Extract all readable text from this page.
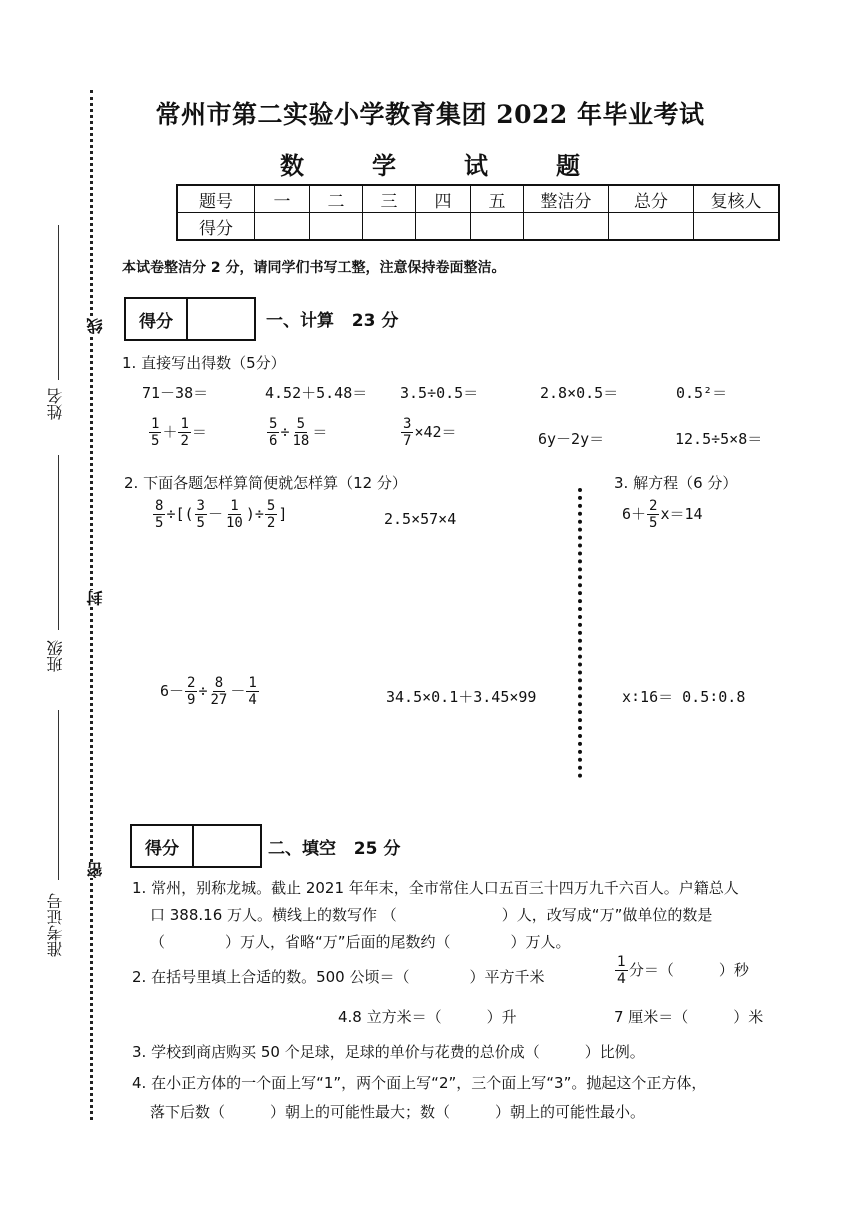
姓名
班级
准考证号
线
封
密
常州市第二实验小学教育集团 2022 年毕业考试
数	学	试	题
题号	一	二	三	四	五	整洁分	总分	复核人
得分								
本试卷整洁分 2 分，请同学们书写工整，注意保持卷面整洁。
得分	一、计算   23 分
1. 直接写出得数（5分）
71－38＝	4.52＋5.48＝ 3.5÷0.5＝	2.8×0.5＝	0.5²＝
$\frac{1}{5} + \frac{1}{2}$ ＝	$\frac{5}{6} \div \frac{5}{18}$ ＝	$\frac{3}{7} \times 42=$	6y－2y＝	12.5÷5×8＝
2. 下面各题怎样算简便就怎样算（12 分）	3. 解方程（6 分）
$\frac{8}{5}$ ÷[( $\frac{3}{5} - \frac{1}{10}$ )÷ $\frac{5}{2}$ ]	2.5×57×4	$6+ \frac{2}{5} x=14$
$6- \frac{2}{9} \div \frac{8}{27} - \frac{1}{4}$	34.5×0.1＋3.45×99	x∶16＝ 0.5∶0.8
得分	二、填空   25 分
1. 常州，别称龙城。截止 2021 年年末，全市常住人口五百三十四万九千六百人。户籍总人
口 388.16 万人。横线上的数写作 （　　　　　　　）人，改写成“万”做单位的数是
（　　　　）万人，省略“万”后面的尾数约（　　　　）万人。
2. 在括号里填上合适的数。500 公顷＝（　　　　）平方千米	$\frac{1}{4}$ 分＝（　　　）秒
4.8 立方米＝（　　　）升	7 厘米＝（　　　）米
3. 学校到商店购买 50 个足球，足球的单价与花费的总价成（　　　）比例。
4. 在小正方体的一个面上写“1”，两个面上写“2”，三个面上写“3”。抛起这个正方体，
落下后数（　　　）朝上的可能性最大；数（　　　）朝上的可能性最小。
